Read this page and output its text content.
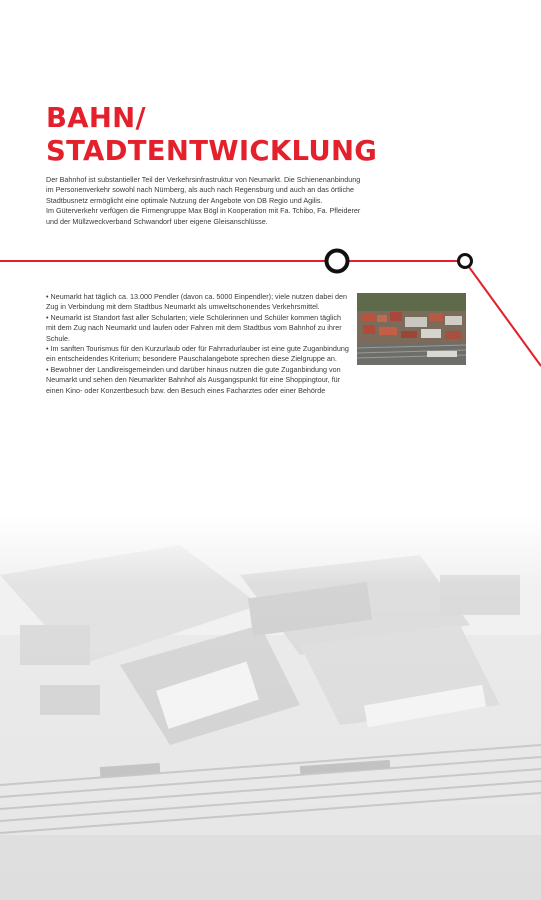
BAHN/
STADTENTWICKLUNG

Der Bahnhof ist substantieller Teil der Verkehrsinfrastruktur von Neumarkt. Die Schienenanbindung im Personenverkehr sowohl nach Nürnberg, als auch nach Regensburg und auch an das örtliche Stadtbusnetz ermöglicht eine optimale Nutzung der Angebote von DB Regio und Agilis.

Im Güterverkehr verfügen die Firmengruppe Max Bögl in Kooperation mit Fa. Tchibo, Fa. Pfleiderer und der Müllzweckverband Schwandorf über eigene Gleisanschlüsse.

• Neumarkt hat täglich ca. 13.000 Pendler (davon ca. 5000 Einpendler); viele nutzen dabei den Zug in Verbindung mit dem Stadtbus Neumarkt als umweltschonendes Verkehrsmittel.

• Neumarkt ist Standort fast aller Schularten; viele Schülerinnen und Schüler kommen täglich mit dem Zug nach Neumarkt und laufen oder Fahren mit dem Stadtbus vom Bahnhof zu ihrer Schule.

• Im sanften Tourismus für den Kurzurlaub oder für Fahrradurlauber ist eine gute Zuganbindung ein entscheidendes Kriterium; besondere Pauschalangebote sprechen diese Zielgruppe an.

• Bewohner der Landkreisgemeinden und darüber hinaus nutzen die gute Zuganbindung von Neumarkt und sehen den Neumarkter Bahnhof als Ausgangspunkt für eine Shoppingtour, für einen Kino- oder Konzertbesuch bzw. den Besuch eines Facharztes oder einer Behörde
